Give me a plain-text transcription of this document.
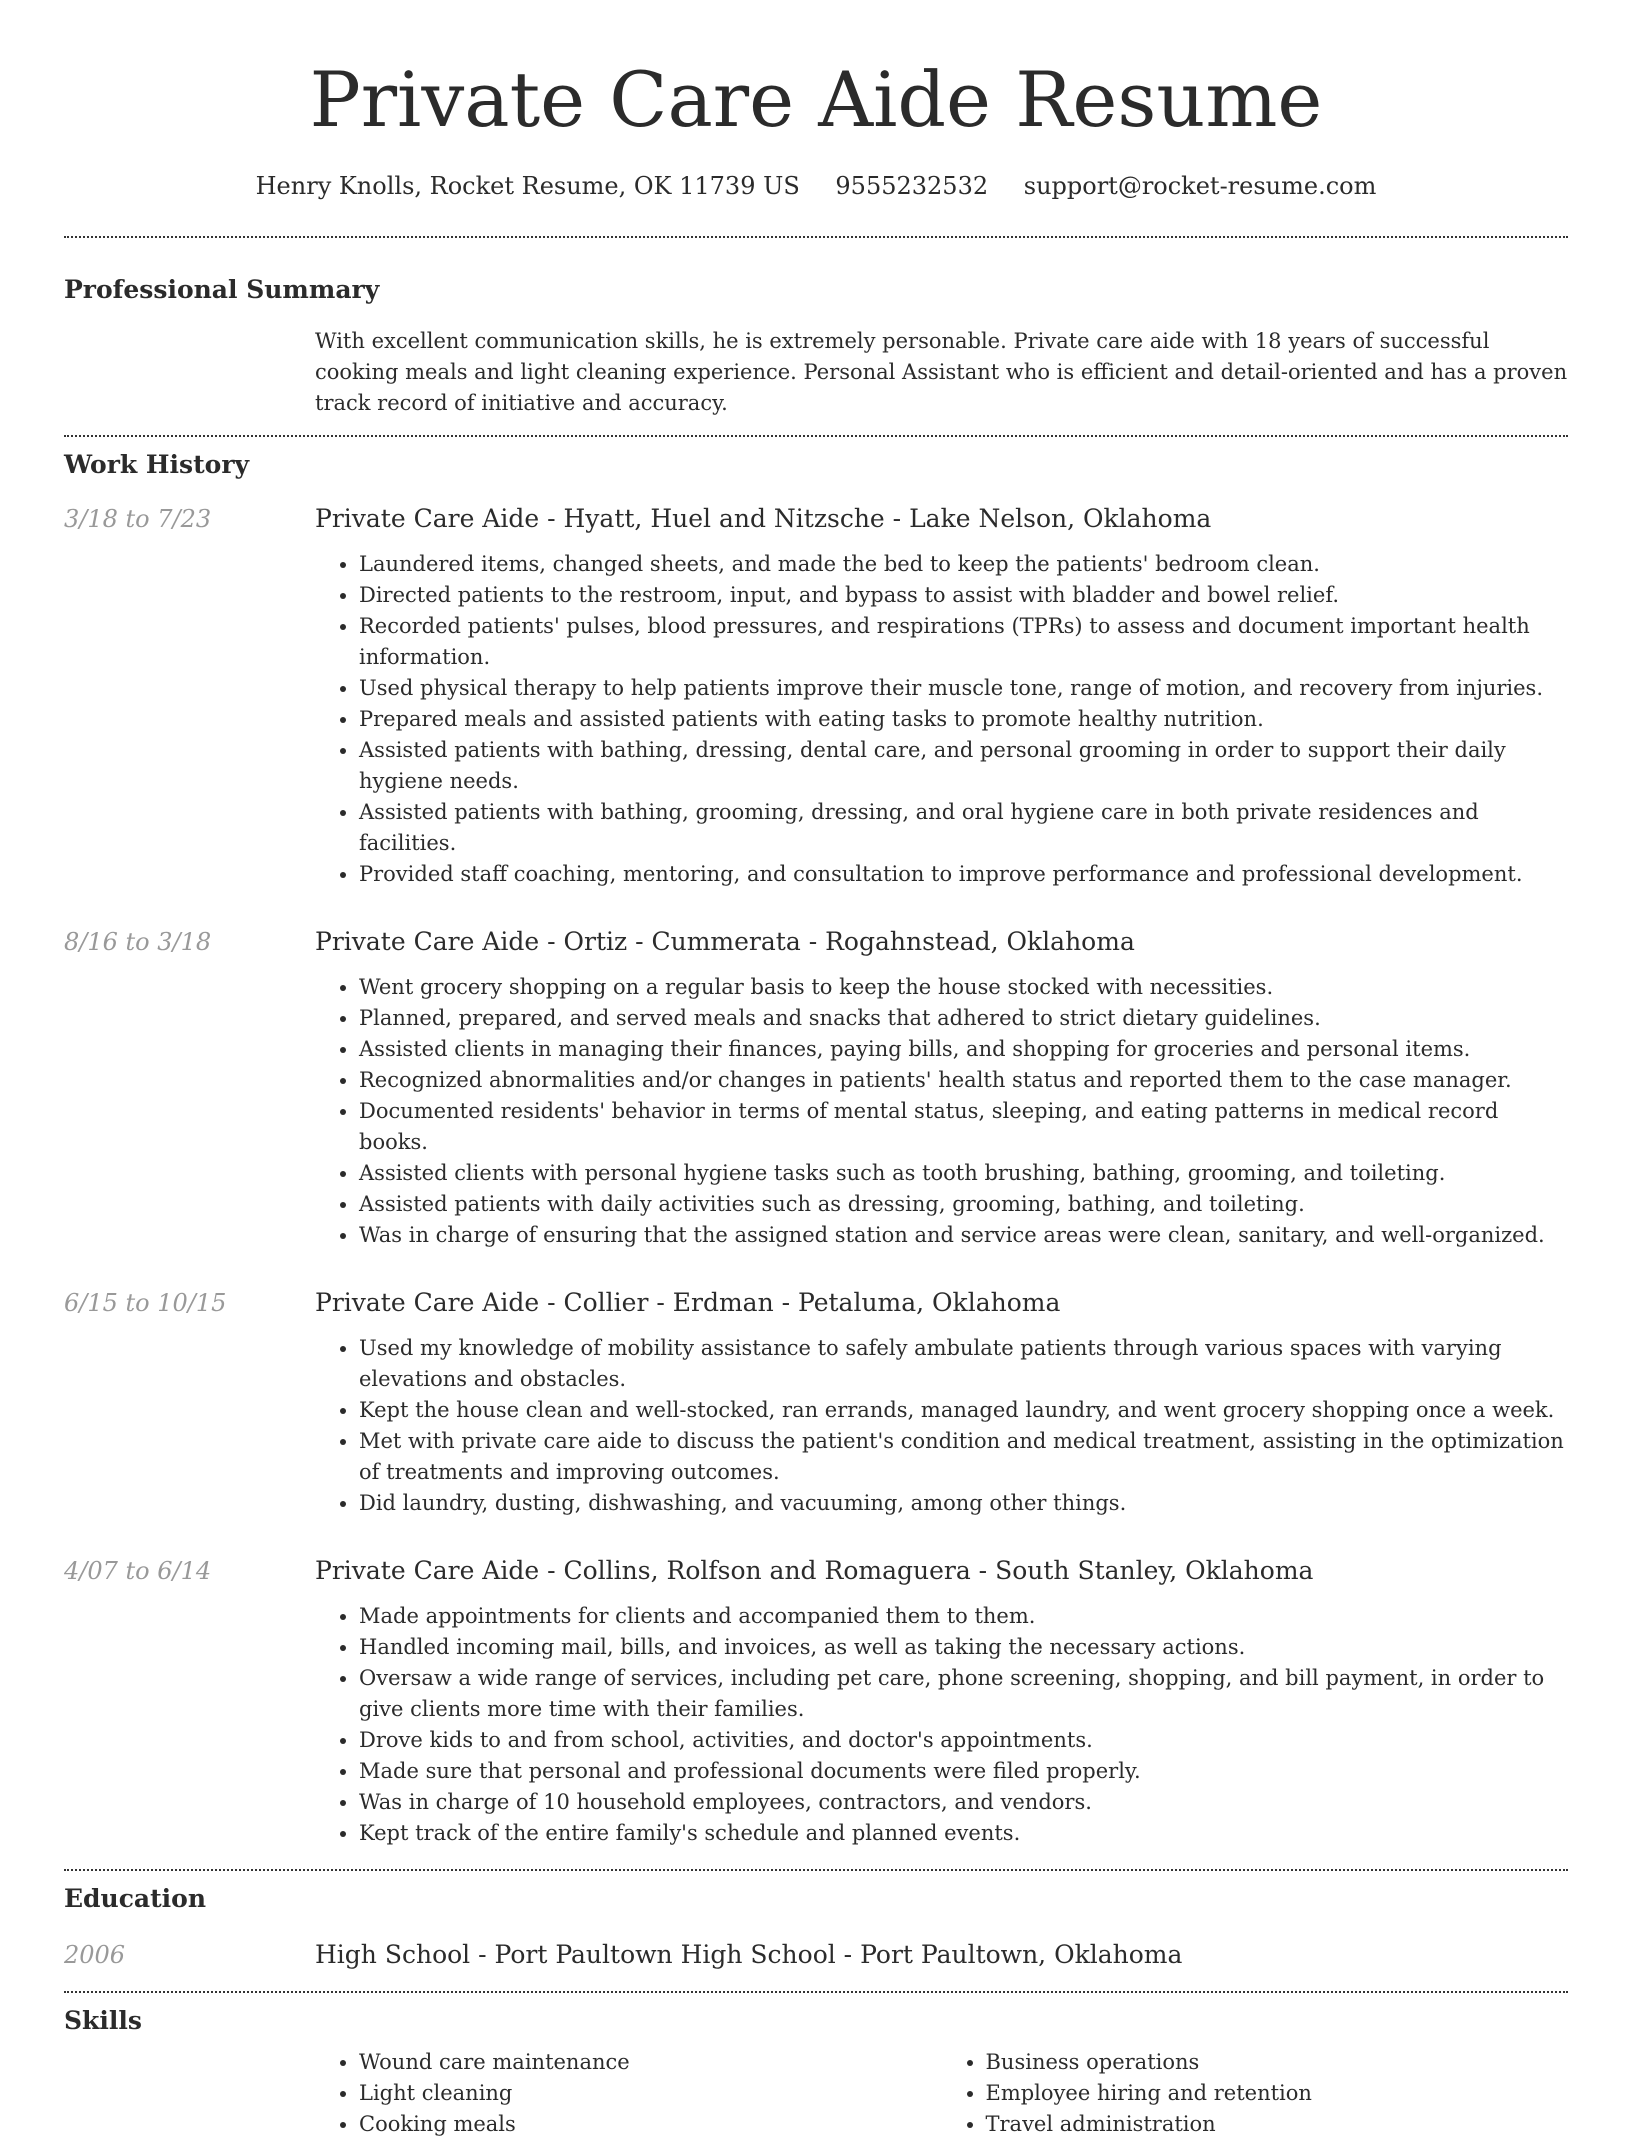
Private Care Aide Resume
Henry Knolls, Rocket Resume, OK 11739 US 9555232532 support@rocket-resume.com
Professional Summary
With excellent communication skills, he is extremely personable. Private care aide with 18 years of successful cooking meals and light cleaning experience. Personal Assistant who is efficient and detail-oriented and has a proven track record of initiative and accuracy.
Work History
3/18 to 7/23	Private Care Aide - Hyatt, Huel and Nitzsche - Lake Nelson, Oklahoma
• Laundered items, changed sheets, and made the bed to keep the patients' bedroom clean.
• Directed patients to the restroom, input, and bypass to assist with bladder and bowel relief.
• Recorded patients' pulses, blood pressures, and respirations (TPRs) to assess and document important health information.
• Used physical therapy to help patients improve their muscle tone, range of motion, and recovery from injuries.
• Prepared meals and assisted patients with eating tasks to promote healthy nutrition.
• Assisted patients with bathing, dressing, dental care, and personal grooming in order to support their daily hygiene needs.
• Assisted patients with bathing, grooming, dressing, and oral hygiene care in both private residences and facilities.
• Provided staff coaching, mentoring, and consultation to improve performance and professional development.
8/16 to 3/18	Private Care Aide - Ortiz - Cummerata - Rogahnstead, Oklahoma
• Went grocery shopping on a regular basis to keep the house stocked with necessities.
• Planned, prepared, and served meals and snacks that adhered to strict dietary guidelines.
• Assisted clients in managing their finances, paying bills, and shopping for groceries and personal items.
• Recognized abnormalities and/or changes in patients' health status and reported them to the case manager.
• Documented residents' behavior in terms of mental status, sleeping, and eating patterns in medical record books.
• Assisted clients with personal hygiene tasks such as tooth brushing, bathing, grooming, and toileting.
• Assisted patients with daily activities such as dressing, grooming, bathing, and toileting.
• Was in charge of ensuring that the assigned station and service areas were clean, sanitary, and well-organized.
6/15 to 10/15	Private Care Aide - Collier - Erdman - Petaluma, Oklahoma
• Used my knowledge of mobility assistance to safely ambulate patients through various spaces with varying elevations and obstacles.
• Kept the house clean and well-stocked, ran errands, managed laundry, and went grocery shopping once a week.
• Met with private care aide to discuss the patient's condition and medical treatment, assisting in the optimization of treatments and improving outcomes.
• Did laundry, dusting, dishwashing, and vacuuming, among other things.
4/07 to 6/14	Private Care Aide - Collins, Rolfson and Romaguera - South Stanley, Oklahoma
• Made appointments for clients and accompanied them to them.
• Handled incoming mail, bills, and invoices, as well as taking the necessary actions.
• Oversaw a wide range of services, including pet care, phone screening, shopping, and bill payment, in order to give clients more time with their families.
• Drove kids to and from school, activities, and doctor's appointments.
• Made sure that personal and professional documents were filed properly.
• Was in charge of 10 household employees, contractors, and vendors.
• Kept track of the entire family's schedule and planned events.
Education
2006	High School - Port Paultown High School - Port Paultown, Oklahoma
Skills
• Wound care maintenance
• Light cleaning
• Cooking meals
• Business operations
• Employee hiring and retention
• Travel administration
